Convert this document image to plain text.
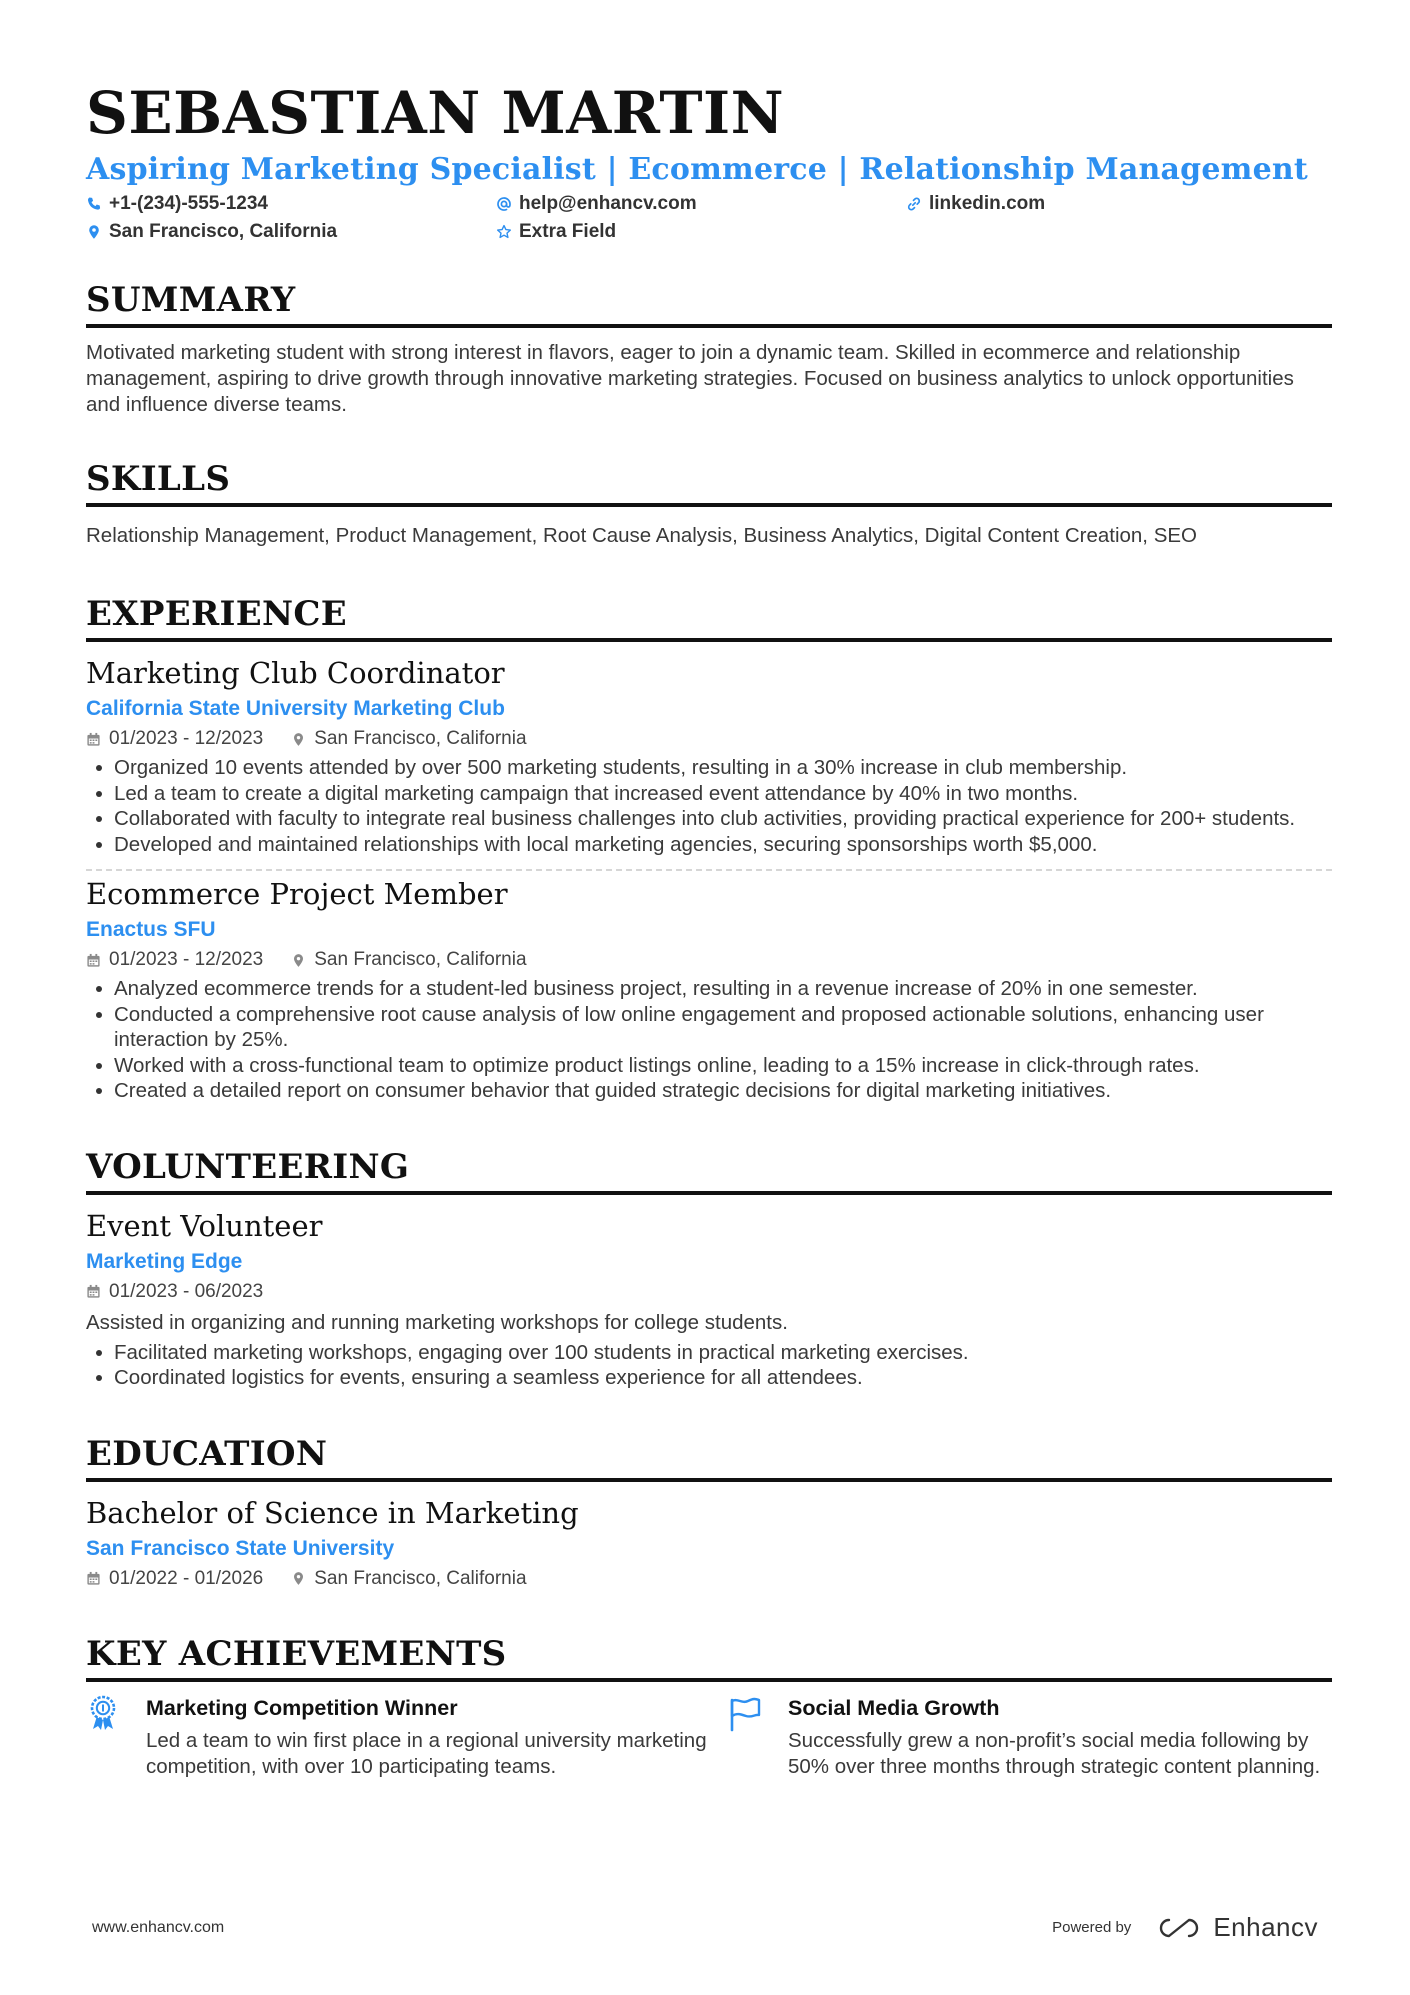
SEBASTIAN MARTIN
Aspiring Marketing Specialist | Ecommerce | Relationship Management
+1-(234)-555-1234	help@enhancv.com	linkedin.com
San Francisco, California	Extra Field
SUMMARY
Motivated marketing student with strong interest in flavors, eager to join a dynamic team. Skilled in ecommerce and relationship management, aspiring to drive growth through innovative marketing strategies. Focused on business analytics to unlock opportunities and influence diverse teams.
SKILLS
Relationship Management, Product Management, Root Cause Analysis, Business Analytics, Digital Content Creation, SEO
EXPERIENCE
Marketing Club Coordinator
California State University Marketing Club
01/2023 - 12/2023	San Francisco, California
Organized 10 events attended by over 500 marketing students, resulting in a 30% increase in club membership.
Led a team to create a digital marketing campaign that increased event attendance by 40% in two months.
Collaborated with faculty to integrate real business challenges into club activities, providing practical experience for 200+ students.
Developed and maintained relationships with local marketing agencies, securing sponsorships worth $5,000.
Ecommerce Project Member
Enactus SFU
01/2023 - 12/2023	San Francisco, California
Analyzed ecommerce trends for a student-led business project, resulting in a revenue increase of 20% in one semester.
Conducted a comprehensive root cause analysis of low online engagement and proposed actionable solutions, enhancing user interaction by 25%.
Worked with a cross-functional team to optimize product listings online, leading to a 15% increase in click-through rates.
Created a detailed report on consumer behavior that guided strategic decisions for digital marketing initiatives.
VOLUNTEERING
Event Volunteer
Marketing Edge
01/2023 - 06/2023
Assisted in organizing and running marketing workshops for college students.
Facilitated marketing workshops, engaging over 100 students in practical marketing exercises.
Coordinated logistics for events, ensuring a seamless experience for all attendees.
EDUCATION
Bachelor of Science in Marketing
San Francisco State University
01/2022 - 01/2026	San Francisco, California
KEY ACHIEVEMENTS
Marketing Competition Winner
Led a team to win first place in a regional university marketing competition, with over 10 participating teams.
Social Media Growth
Successfully grew a non-profit’s social media following by 50% over three months through strategic content planning.
www.enhancv.com	Powered by	Enhancv
